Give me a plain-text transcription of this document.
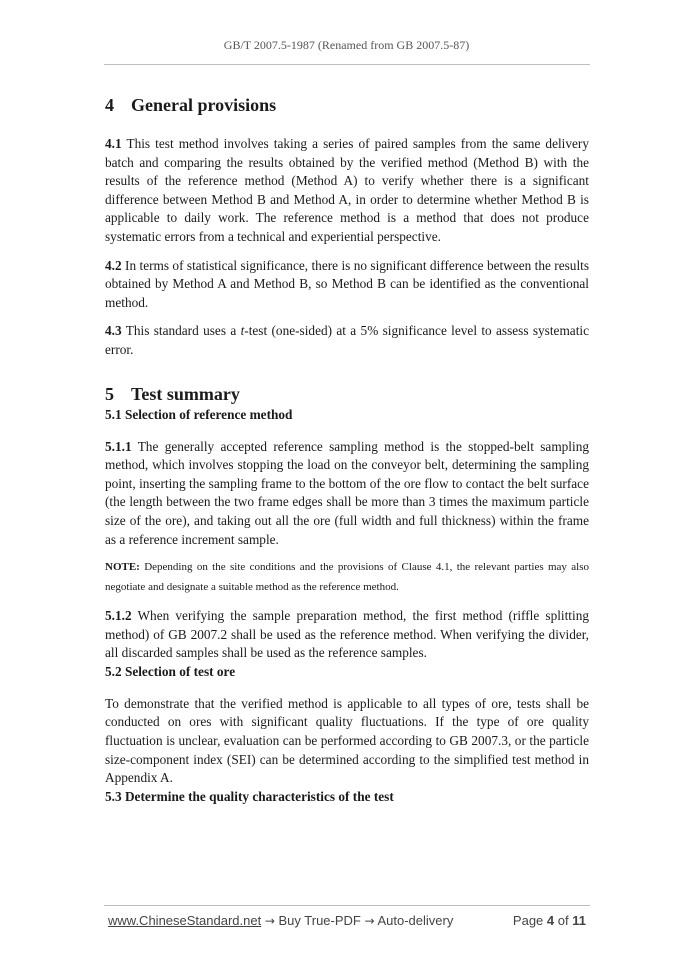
GB/T 2007.5-1987 (Renamed from GB 2007.5-87)
4 General provisions

4.1 This test method involves taking a series of paired samples from the same delivery batch and comparing the results obtained by the verified method (Method B) with the results of the reference method (Method A) to verify whether there is a significant difference between Method B and Method A, in order to determine whether Method B is applicable to daily work. The reference method is a method that does not produce systematic errors from a technical and experiential perspective.

4.2 In terms of statistical significance, there is no significant difference between the results obtained by Method A and Method B, so Method B can be identified as the conventional method.

4.3 This standard uses a t-test (one-sided) at a 5% significance level to assess systematic error.

5 Test summary

5.1 Selection of reference method

5.1.1 The generally accepted reference sampling method is the stopped-belt sampling method, which involves stopping the load on the conveyor belt, determining the sampling point, inserting the sampling frame to the bottom of the ore flow to contact the belt surface (the length between the two frame edges shall be more than 3 times the maximum particle size of the ore), and taking out all the ore (full width and full thickness) within the frame as a reference increment sample.

NOTE: Depending on the site conditions and the provisions of Clause 4.1, the relevant parties may also negotiate and designate a suitable method as the reference method.

5.1.2 When verifying the sample preparation method, the first method (riffle splitting method) of GB 2007.2 shall be used as the reference method. When verifying the divider, all discarded samples shall be used as the reference samples.

5.2 Selection of test ore

To demonstrate that the verified method is applicable to all types of ore, tests shall be conducted on ores with significant quality fluctuations. If the type of ore quality fluctuation is unclear, evaluation can be performed according to GB 2007.3, or the particle size-component index (SEI) can be determined according to the simplified test method in Appendix A.

5.3 Determine the quality characteristics of the test

www.ChineseStandard.net → Buy True-PDF → Auto-delivery	Page 4 of 11
